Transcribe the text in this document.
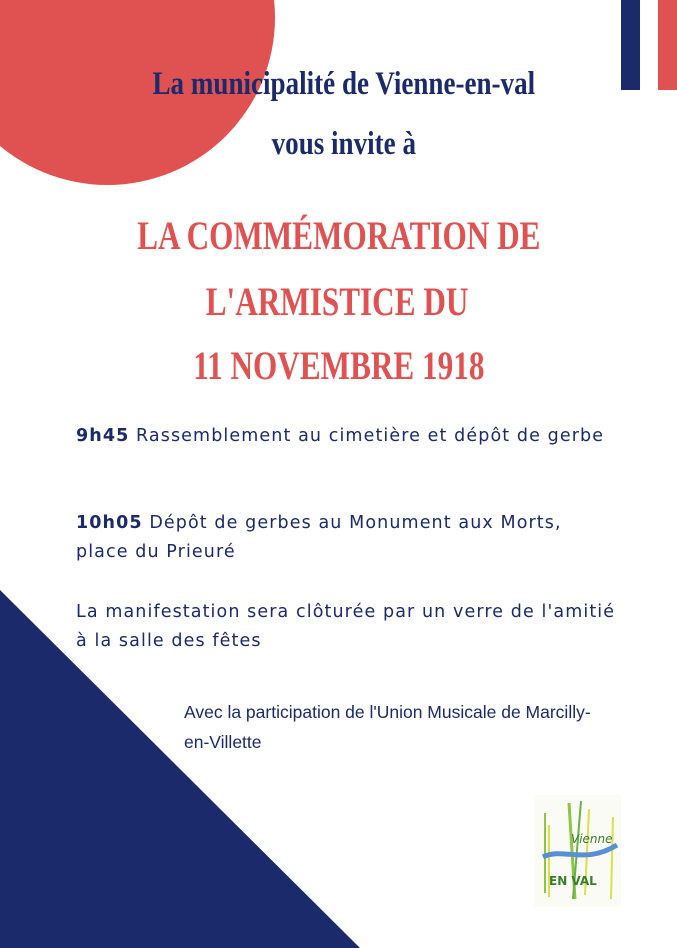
La municipalité de Vienne-en-val
vous invite à
LA COMMÉMORATION DE
L'ARMISTICE DU
11 NOVEMBRE 1918
9h45 Rassemblement au cimetière et dépôt de gerbe
10h05 Dépôt de gerbes au Monument aux Morts, place du Prieuré
La manifestation sera clôturée par un verre de l'amitié à la salle des fêtes
Avec la participation de l'Union Musicale de Marcilly-en-Villette
Vienne
EN VAL
